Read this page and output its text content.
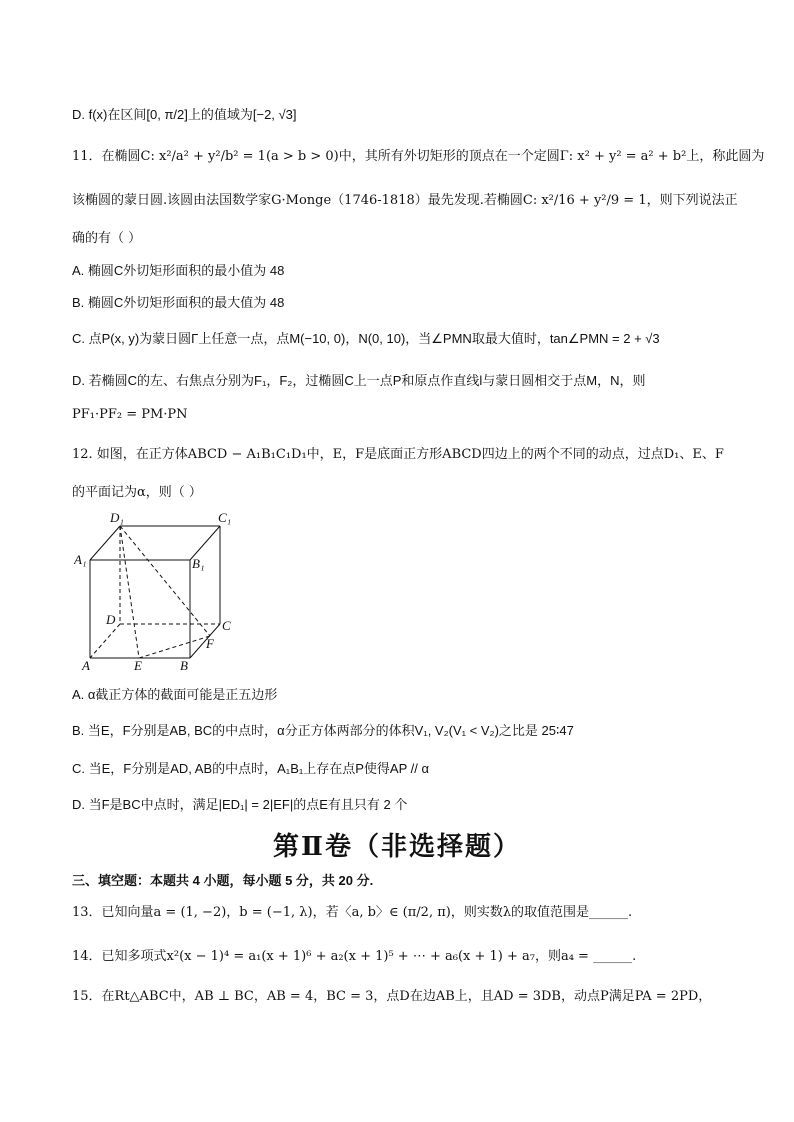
D. f(x)在区间[0, π/2]上的值域为[−2, √3]
11．在椭圆C: x²/a² + y²/b² = 1(a > b > 0)中，其所有外切矩形的顶点在一个定圆Γ: x² + y² = a² + b²上，称此圆为
该椭圆的蒙日圆.该圆由法国数学家G·Monge（1746-1818）最先发现.若椭圆C: x²/16 + y²/9 = 1，则下列说法正
确的有（ ）
A. 椭圆C外切矩形面积的最小值为 48
B. 椭圆C外切矩形面积的最大值为 48
C. 点P(x, y)为蒙日圆Γ上任意一点，点M(−10, 0)，N(0, 10)，当∠PMN取最大值时，tan∠PMN = 2 + √3
D. 若椭圆C的左、右焦点分别为F₁，F₂，过椭圆C上一点P和原点作直线l与蒙日圆相交于点M，N，则
PF₁·PF₂ = PM·PN
12. 如图，在正方体ABCD − A₁B₁C₁D₁中，E，F是底面正方形ABCD四边上的两个不同的动点，过点D₁、E、F
的平面记为α，则（ ）
D₁	C₁
A₁	B₁
D	C
F
A	E	B
A. α截正方体的截面可能是正五边形
B. 当E，F分别是AB, BC的中点时，α分正方体两部分的体积V₁, V₂(V₁ < V₂)之比是 25∶47
C. 当E，F分别是AD, AB的中点时，A₁B₁上存在点P使得AP // α
D. 当F是BC中点时，满足|ED₁| = 2|EF|的点E有且只有 2 个
第Ⅱ卷（非选择题）
三、填空题：本题共 4 小题，每小题 5 分，共 20 分.
13．已知向量a = (1, −2)，b = (−1, λ)，若〈a, b〉∈ (π/2, π)，则实数λ的取值范围是______.
14．已知多项式x²(x − 1)⁴ = a₁(x + 1)⁶ + a₂(x + 1)⁵ + ⋯ + a₆(x + 1) + a₇，则a₄ = ______.
15．在Rt△ABC中，AB ⊥ BC，AB = 4，BC = 3，点D在边AB上，且AD = 3DB，动点P满足PA = 2PD，
